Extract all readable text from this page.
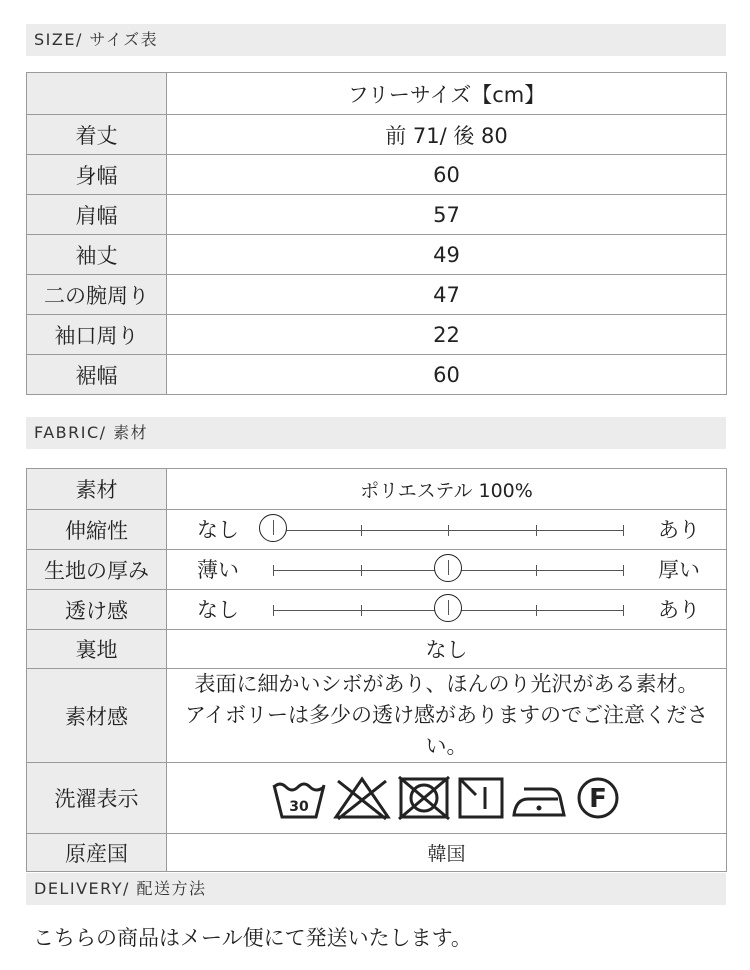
SIZE/ サイズ表
	フリーサイズ【cm】
着丈	前 71/ 後 80
身幅	60
肩幅	57
袖丈	49
二の腕周り	47
袖口周り	22
裾幅	60
FABRIC/ 素材
素材	ポリエステル 100%
伸縮性	なし あり

生地の厚み	薄い 厚い

透け感	なし あり

裏地	なし
素材感	表面に細かいシボがあり、ほんのり光沢がある素材。
アイボリーは多少の透け感がありますのでご注意ください。

洗濯表示	30 F

原産国	韓国
DELIVERY/ 配送方法
こちらの商品はメール便にて発送いたします。
